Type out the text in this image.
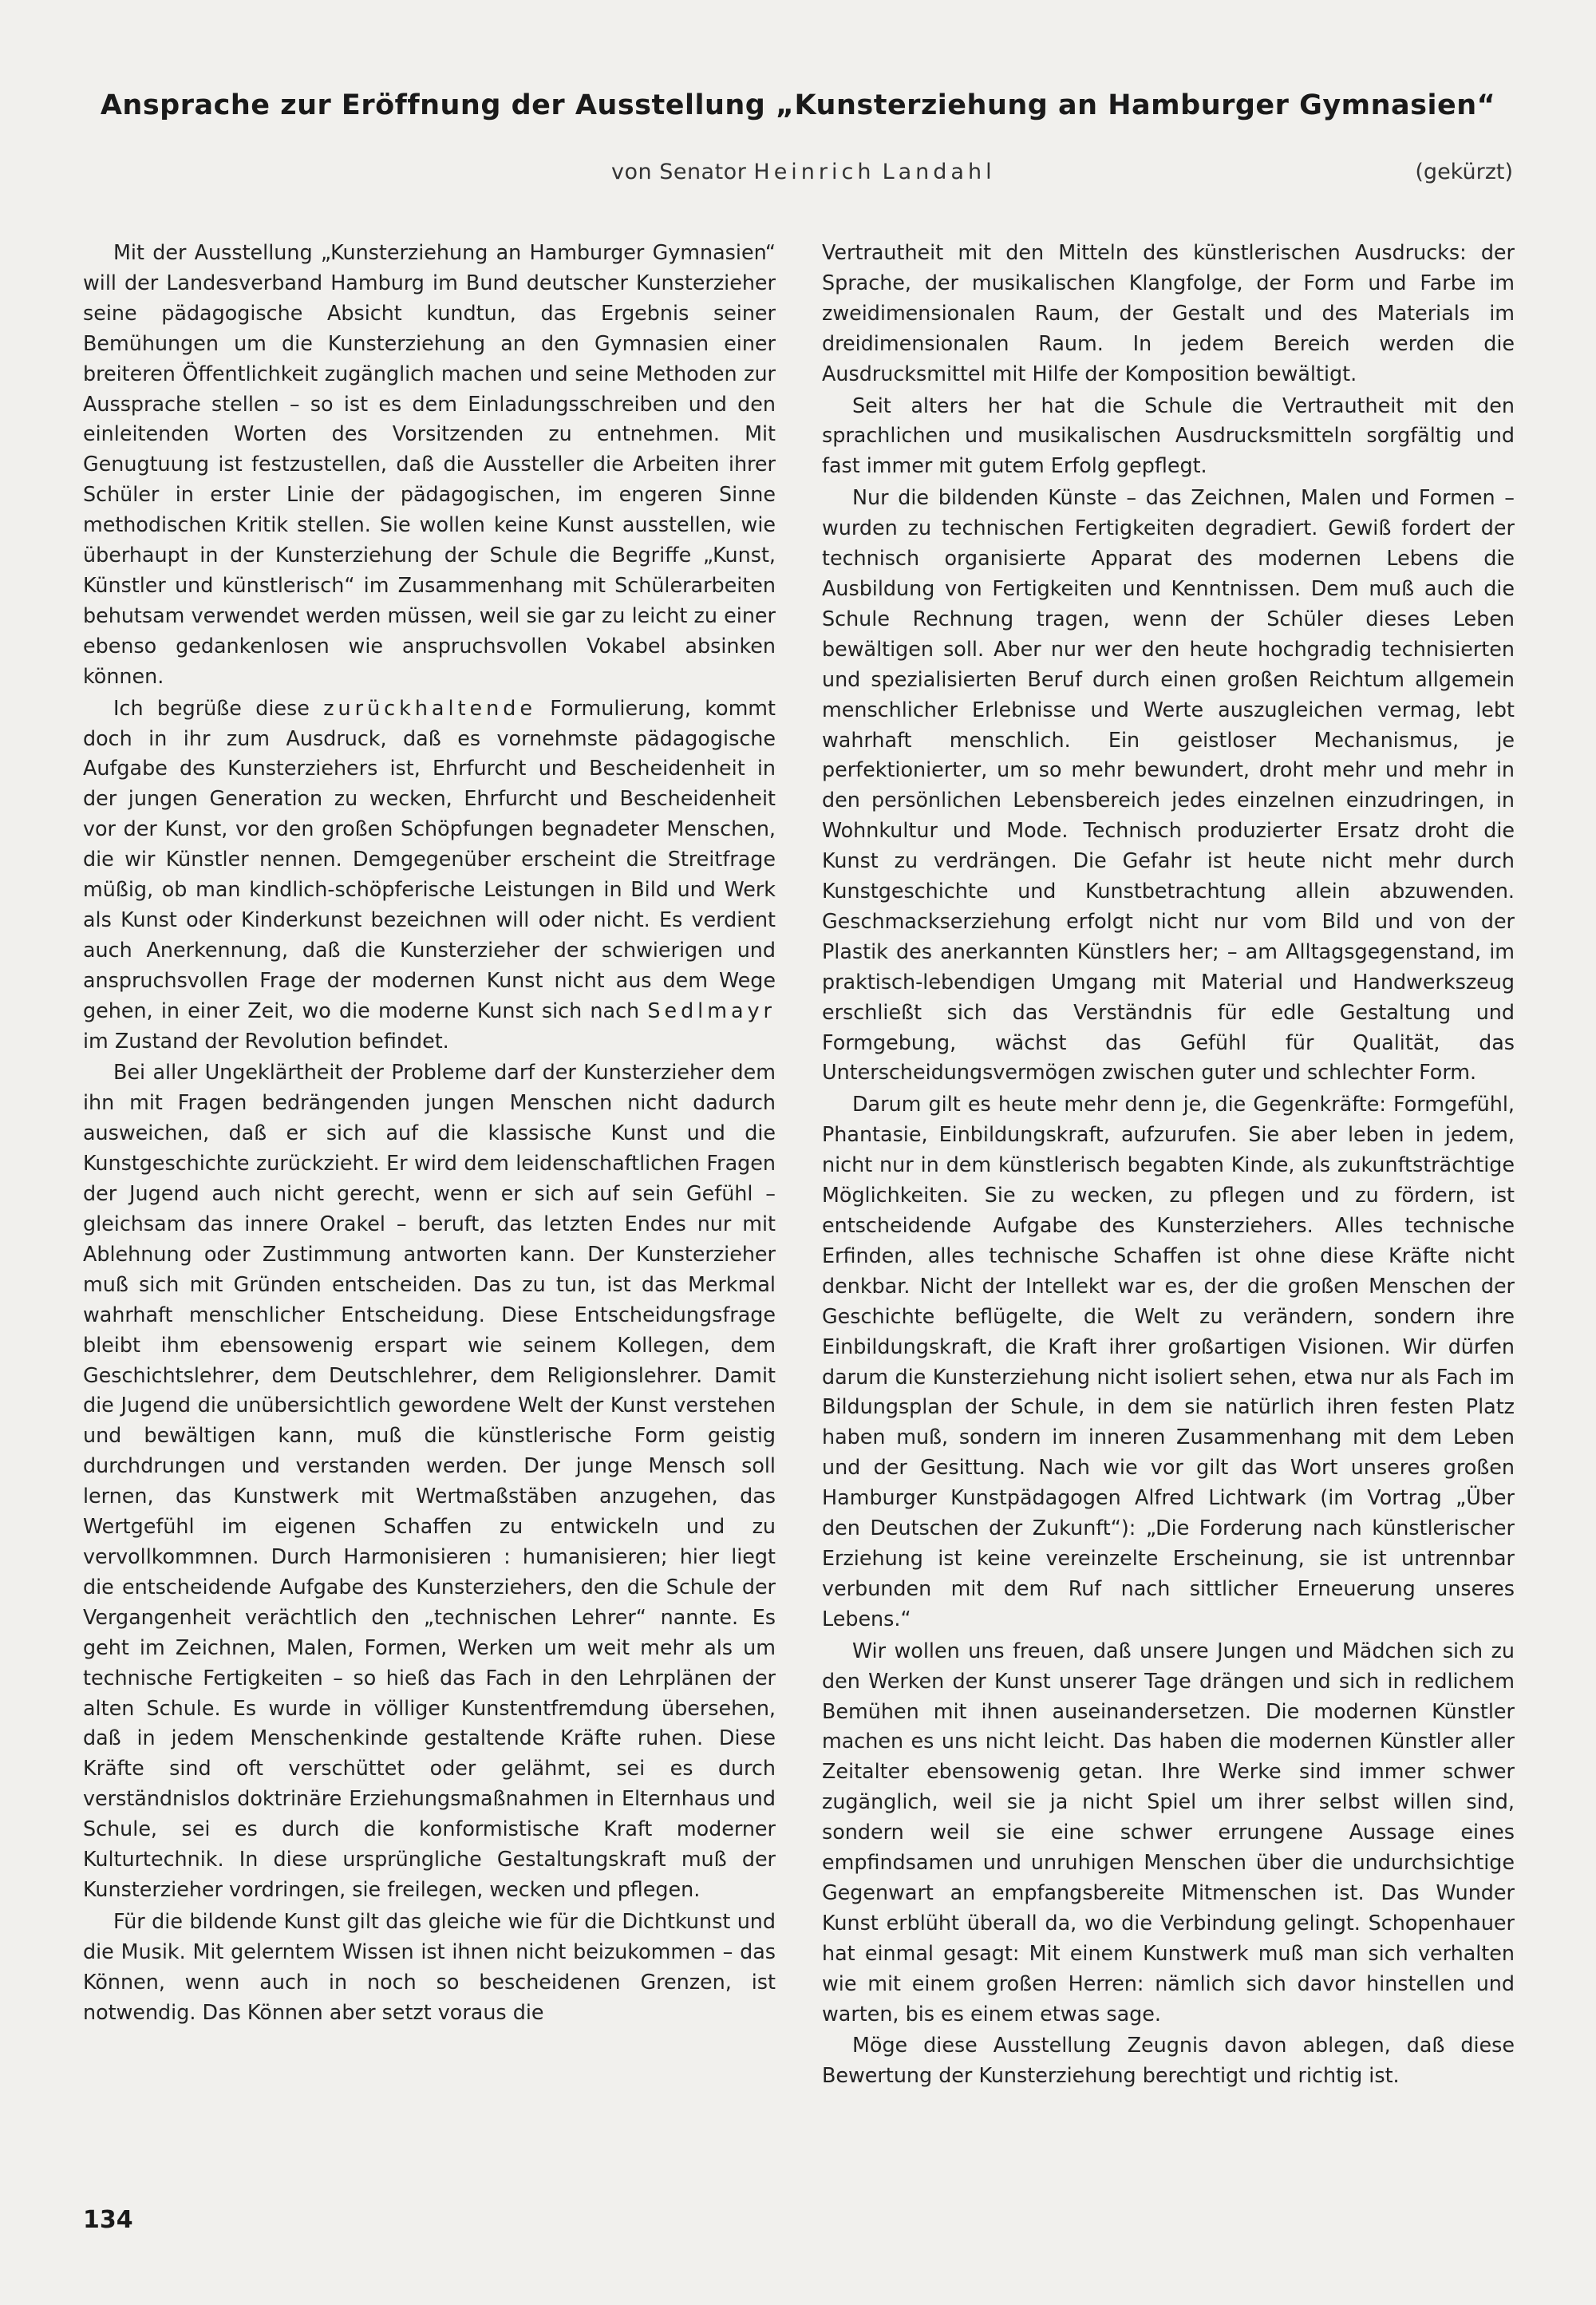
Ansprache zur Eröffnung der Ausstellung „Kunsterziehung an Hamburger Gymnasien“
von Senator Heinrich Landahl	(gekürzt)

Mit der Ausstellung „Kunsterziehung an Hamburger Gymnasien“ will der Landesverband Hamburg im Bund deutscher Kunsterzieher seine pädagogische Absicht kundtun, das Ergebnis seiner Bemühungen um die Kunsterziehung an den Gymnasien einer breiteren Öffentlichkeit zugänglich machen und seine Methoden zur Aussprache stellen – so ist es dem Einladungsschreiben und den einleitenden Worten des Vorsitzenden zu entnehmen. Mit Genugtuung ist festzustellen, daß die Aussteller die Arbeiten ihrer Schüler in erster Linie der pädagogischen, im engeren Sinne methodischen Kritik stellen. Sie wollen keine Kunst ausstellen, wie überhaupt in der Kunsterziehung der Schule die Begriffe „Kunst, Künstler und künstlerisch“ im Zusammenhang mit Schülerarbeiten behutsam verwendet werden müssen, weil sie gar zu leicht zu einer ebenso gedankenlosen wie anspruchsvollen Vokabel absinken können.

Ich begrüße diese zurückhaltende Formulierung, kommt doch in ihr zum Ausdruck, daß es vornehmste pädagogische Aufgabe des Kunsterziehers ist, Ehrfurcht und Bescheidenheit in der jungen Generation zu wecken, Ehrfurcht und Bescheidenheit vor der Kunst, vor den großen Schöpfungen begnadeter Menschen, die wir Künstler nennen. Demgegenüber erscheint die Streitfrage müßig, ob man kindlich-schöpferische Leistungen in Bild und Werk als Kunst oder Kinderkunst bezeichnen will oder nicht. Es verdient auch Anerkennung, daß die Kunsterzieher der schwierigen und anspruchsvollen Frage der modernen Kunst nicht aus dem Wege gehen, in einer Zeit, wo die moderne Kunst sich nach Sedlmayr im Zustand der Revolution befindet.

Bei aller Ungeklärtheit der Probleme darf der Kunsterzieher dem ihn mit Fragen bedrängenden jungen Menschen nicht dadurch ausweichen, daß er sich auf die klassische Kunst und die Kunstgeschichte zurückzieht. Er wird dem leidenschaftlichen Fragen der Jugend auch nicht gerecht, wenn er sich auf sein Gefühl – gleichsam das innere Orakel – beruft, das letzten Endes nur mit Ablehnung oder Zustimmung antworten kann. Der Kunsterzieher muß sich mit Gründen entscheiden. Das zu tun, ist das Merkmal wahrhaft menschlicher Entscheidung. Diese Entscheidungsfrage bleibt ihm ebensowenig erspart wie seinem Kollegen, dem Geschichtslehrer, dem Deutschlehrer, dem Religionslehrer. Damit die Jugend die unübersichtlich gewordene Welt der Kunst verstehen und bewältigen kann, muß die künstlerische Form geistig durchdrungen und verstanden werden. Der junge Mensch soll lernen, das Kunstwerk mit Wertmaßstäben anzugehen, das Wertgefühl im eigenen Schaffen zu entwickeln und zu vervollkommnen. Durch Harmonisieren : humanisieren; hier liegt die entscheidende Aufgabe des Kunsterziehers, den die Schule der Vergangenheit verächtlich den „technischen Lehrer“ nannte. Es geht im Zeichnen, Malen, Formen, Werken um weit mehr als um technische Fertigkeiten – so hieß das Fach in den Lehrplänen der alten Schule. Es wurde in völliger Kunstentfremdung übersehen, daß in jedem Menschenkinde gestaltende Kräfte ruhen. Diese Kräfte sind oft verschüttet oder gelähmt, sei es durch verständnislos doktrinäre Erziehungsmaßnahmen in Elternhaus und Schule, sei es durch die konformistische Kraft moderner Kulturtechnik. In diese ursprüngliche Gestaltungskraft muß der Kunsterzieher vordringen, sie freilegen, wecken und pflegen.

Für die bildende Kunst gilt das gleiche wie für die Dichtkunst und die Musik. Mit gelerntem Wissen ist ihnen nicht beizukommen – das Können, wenn auch in noch so bescheidenen Grenzen, ist notwendig. Das Können aber setzt voraus die

Vertrautheit mit den Mitteln des künstlerischen Ausdrucks: der Sprache, der musikalischen Klangfolge, der Form und Farbe im zweidimensionalen Raum, der Gestalt und des Materials im dreidimensionalen Raum. In jedem Bereich werden die Ausdrucksmittel mit Hilfe der Komposition bewältigt.

Seit alters her hat die Schule die Vertrautheit mit den sprachlichen und musikalischen Ausdrucksmitteln sorgfältig und fast immer mit gutem Erfolg gepflegt.

Nur die bildenden Künste – das Zeichnen, Malen und Formen – wurden zu technischen Fertigkeiten degradiert. Gewiß fordert der technisch organisierte Apparat des modernen Lebens die Ausbildung von Fertigkeiten und Kenntnissen. Dem muß auch die Schule Rechnung tragen, wenn der Schüler dieses Leben bewältigen soll. Aber nur wer den heute hochgradig technisierten und spezialisierten Beruf durch einen großen Reichtum allgemein menschlicher Erlebnisse und Werte auszugleichen vermag, lebt wahrhaft menschlich. Ein geistloser Mechanismus, je perfektionierter, um so mehr bewundert, droht mehr und mehr in den persönlichen Lebensbereich jedes einzelnen einzudringen, in Wohnkultur und Mode. Technisch produzierter Ersatz droht die Kunst zu verdrängen. Die Gefahr ist heute nicht mehr durch Kunstgeschichte und Kunstbetrachtung allein abzuwenden. Geschmackserziehung erfolgt nicht nur vom Bild und von der Plastik des anerkannten Künstlers her; – am Alltagsgegenstand, im praktisch-lebendigen Umgang mit Material und Handwerkszeug erschließt sich das Verständnis für edle Gestaltung und Formgebung, wächst das Gefühl für Qualität, das Unterscheidungsvermögen zwischen guter und schlechter Form.

Darum gilt es heute mehr denn je, die Gegenkräfte: Formgefühl, Phantasie, Einbildungskraft, aufzurufen. Sie aber leben in jedem, nicht nur in dem künstlerisch begabten Kinde, als zukunftsträchtige Möglichkeiten. Sie zu wecken, zu pflegen und zu fördern, ist entscheidende Aufgabe des Kunsterziehers. Alles technische Erfinden, alles technische Schaffen ist ohne diese Kräfte nicht denkbar. Nicht der Intellekt war es, der die großen Menschen der Geschichte beflügelte, die Welt zu verändern, sondern ihre Einbildungskraft, die Kraft ihrer großartigen Visionen. Wir dürfen darum die Kunsterziehung nicht isoliert sehen, etwa nur als Fach im Bildungsplan der Schule, in dem sie natürlich ihren festen Platz haben muß, sondern im inneren Zusammenhang mit dem Leben und der Gesittung. Nach wie vor gilt das Wort unseres großen Hamburger Kunstpädagogen Alfred Lichtwark (im Vortrag „Über den Deutschen der Zukunft“): „Die Forderung nach künstlerischer Erziehung ist keine vereinzelte Erscheinung, sie ist untrennbar verbunden mit dem Ruf nach sittlicher Erneuerung unseres Lebens.“

Wir wollen uns freuen, daß unsere Jungen und Mädchen sich zu den Werken der Kunst unserer Tage drängen und sich in redlichem Bemühen mit ihnen auseinandersetzen. Die modernen Künstler machen es uns nicht leicht. Das haben die modernen Künstler aller Zeitalter ebensowenig getan. Ihre Werke sind immer schwer zugänglich, weil sie ja nicht Spiel um ihrer selbst willen sind, sondern weil sie eine schwer errungene Aussage eines empfindsamen und unruhigen Menschen über die undurchsichtige Gegenwart an empfangsbereite Mitmenschen ist. Das Wunder Kunst erblüht überall da, wo die Verbindung gelingt. Schopenhauer hat einmal gesagt: Mit einem Kunstwerk muß man sich verhalten wie mit einem großen Herren: nämlich sich davor hinstellen und warten, bis es einem etwas sage.

Möge diese Ausstellung Zeugnis davon ablegen, daß diese Bewertung der Kunsterziehung berechtigt und richtig ist.

134
